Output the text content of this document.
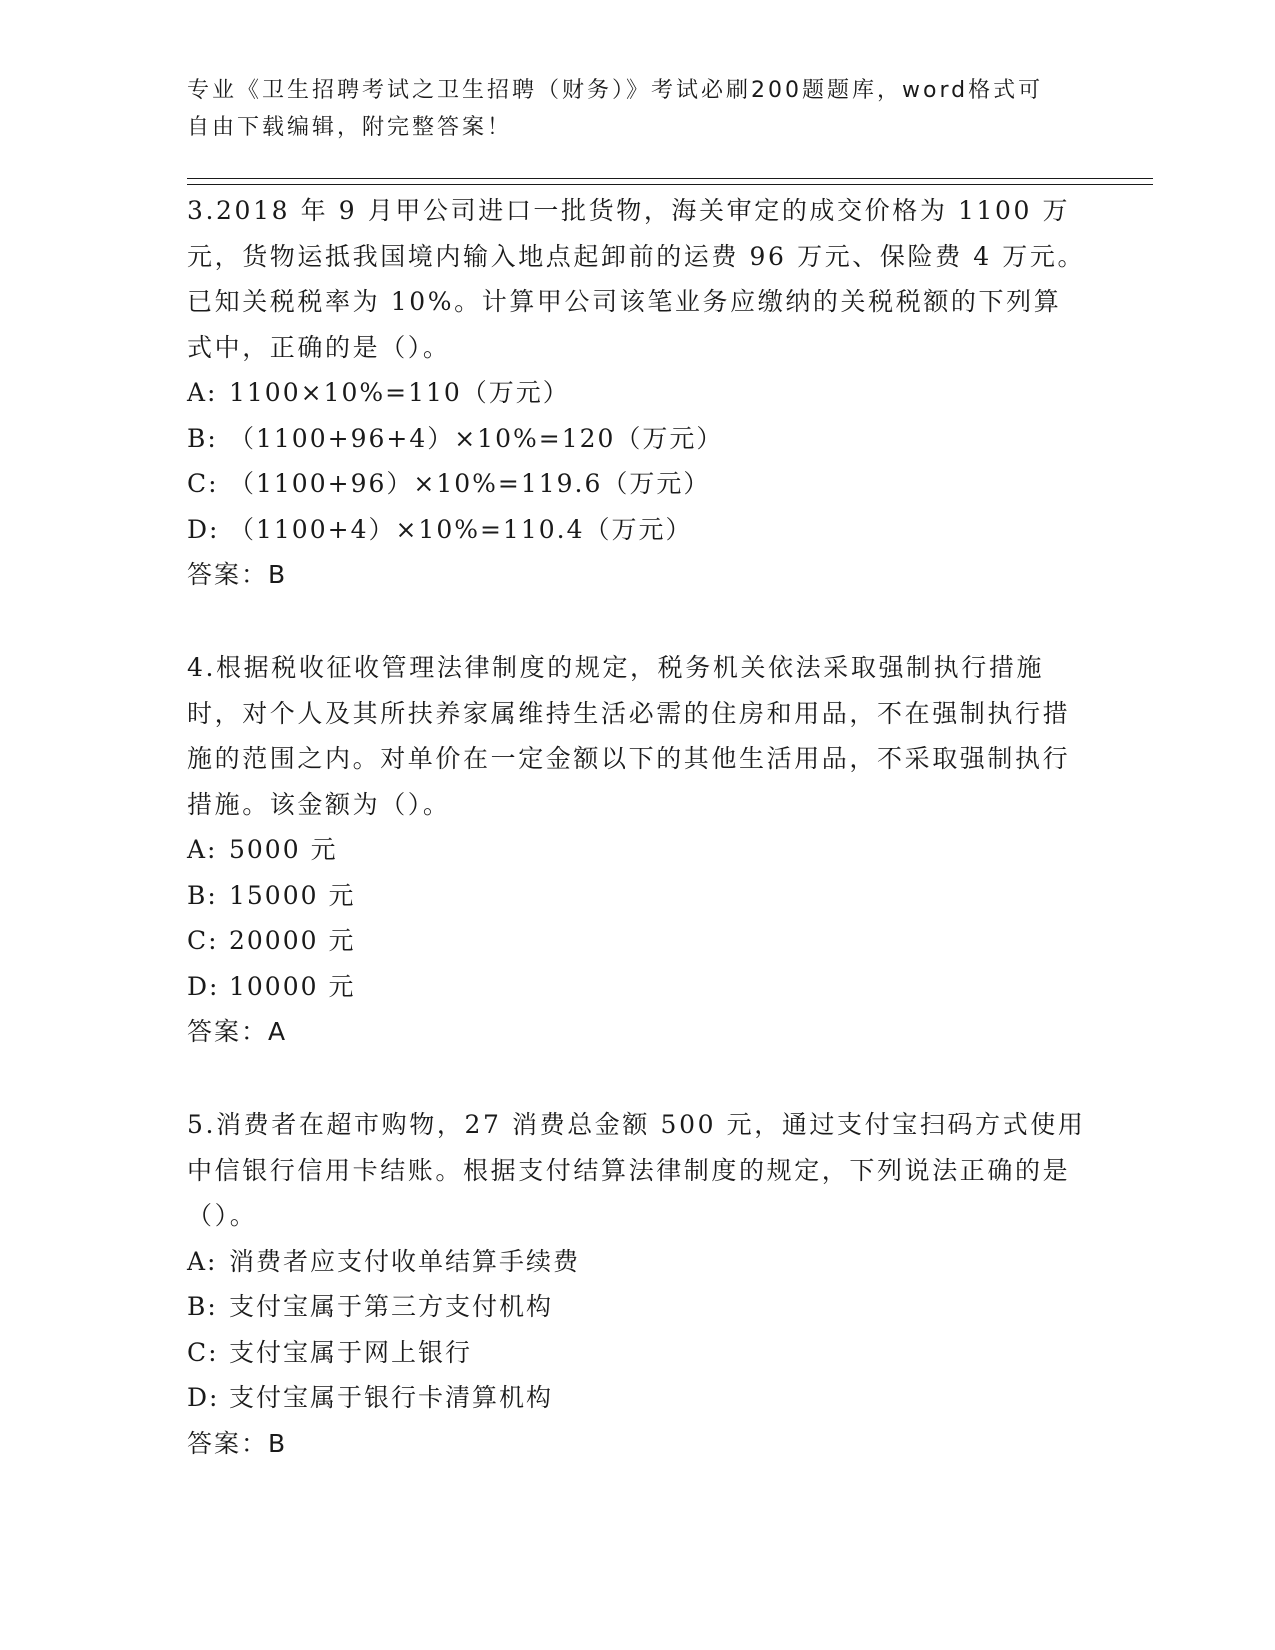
专业《卫生招聘考试之卫生招聘（财务）》考试必刷200题题库，word格式可自由下载编辑，附完整答案！

3.2018 年 9 月甲公司进口一批货物，海关审定的成交价格为 1100 万元，货物运抵我国境内输入地点起卸前的运费 96 万元、保险费 4 万元。已知关税税率为 10%。计算甲公司该笔业务应缴纳的关税税额的下列算式中，正确的是（）。

A: 1100×10%=110（万元）
B: （1100+96+4）×10%=120（万元）
C: （1100+96）×10%=119.6（万元）
D: （1100+4）×10%=110.4（万元）
答案：B

4.根据税收征收管理法律制度的规定，税务机关依法采取强制执行措施时，对个人及其所扶养家属维持生活必需的住房和用品，不在强制执行措施的范围之内。对单价在一定金额以下的其他生活用品，不采取强制执行措施。该金额为（）。

A: 5000 元
B: 15000 元
C: 20000 元
D: 10000 元
答案：A

5.消费者在超市购物，27 消费总金额 500 元，通过支付宝扫码方式使用中信银行信用卡结账。根据支付结算法律制度的规定，下列说法正确的是（）。

A: 消费者应支付收单结算手续费
B: 支付宝属于第三方支付机构
C: 支付宝属于网上银行
D: 支付宝属于银行卡清算机构
答案：B
